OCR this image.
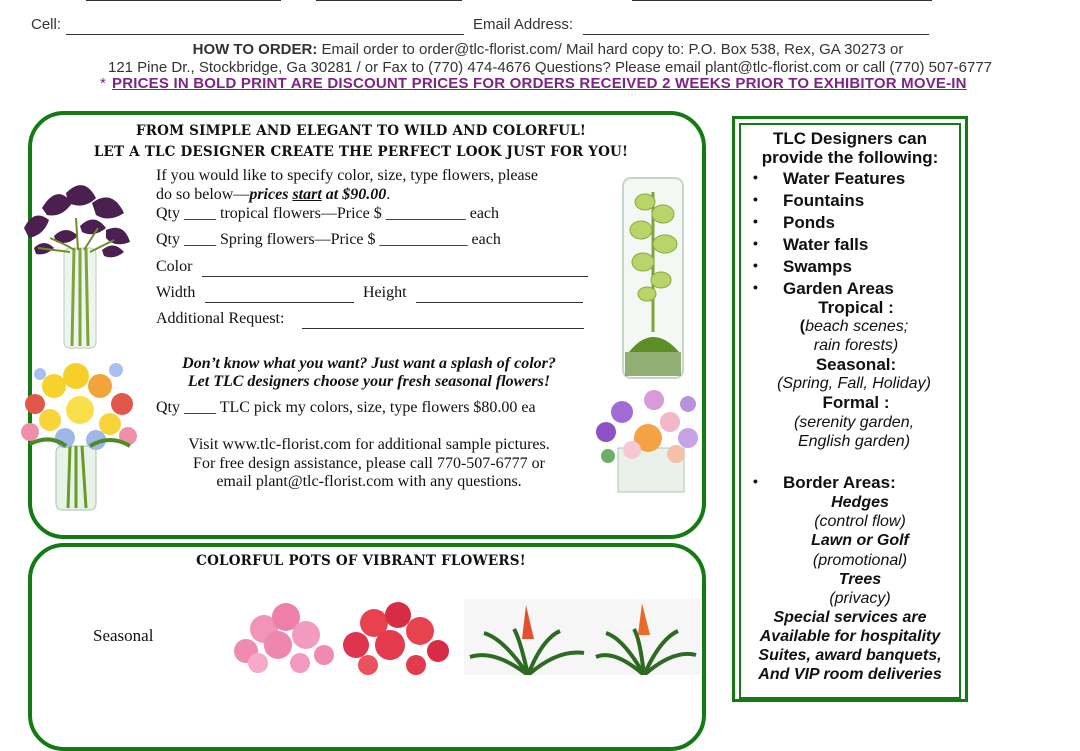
Cell:	Email Address:
HOW TO ORDER: Email order to order@tlc-florist.com/ Mail hard copy to: P.O. Box 538, Rex, GA 30273 or
121 Pine Dr., Stockbridge, Ga 30281 / or Fax to (770) 474-4676 Questions? Please email plant@tlc-florist.com or call (770) 507-6777
* PRICES IN BOLD PRINT ARE DISCOUNT PRICES FOR ORDERS RECEIVED 2 WEEKS PRIOR TO EXHIBITOR MOVE-IN
FROM SIMPLE AND ELEGANT TO WILD AND COLORFUL!
LET A TLC DESIGNER CREATE THE PERFECT LOOK JUST FOR YOU!
If you would like to specify color, size, type flowers, please
do so below—prices start at $90.00.
Qty ____ tropical flowers—Price $ __________ each
Qty ____ Spring flowers—Price $ ___________ each
Color
Width	Height
Additional Request:
Don’t know what you want? Just want a splash of color?
Let TLC designers choose your fresh seasonal flowers!
Qty ____ TLC pick my colors, size, type flowers $80.00 ea
Visit www.tlc-florist.com for additional sample pictures.
For free design assistance, please call 770-507-6777 or
email plant@tlc-florist.com with any questions.
COLORFUL POTS OF VIBRANT FLOWERS!
Seasonal
TLC Designers can
provide the following:
• Water Features
• Fountains
• Ponds
• Water falls
• Swamps
• Garden Areas
Tropical :
(beach scenes;
rain forests)
Seasonal:
(Spring, Fall, Holiday)
Formal :
(serenity garden,
English garden)
• Border Areas:
Hedges
(control flow)
Lawn or Golf
(promotional)
Trees
(privacy)
Special services are
Available for hospitality
Suites, award banquets,
And VIP room deliveries
